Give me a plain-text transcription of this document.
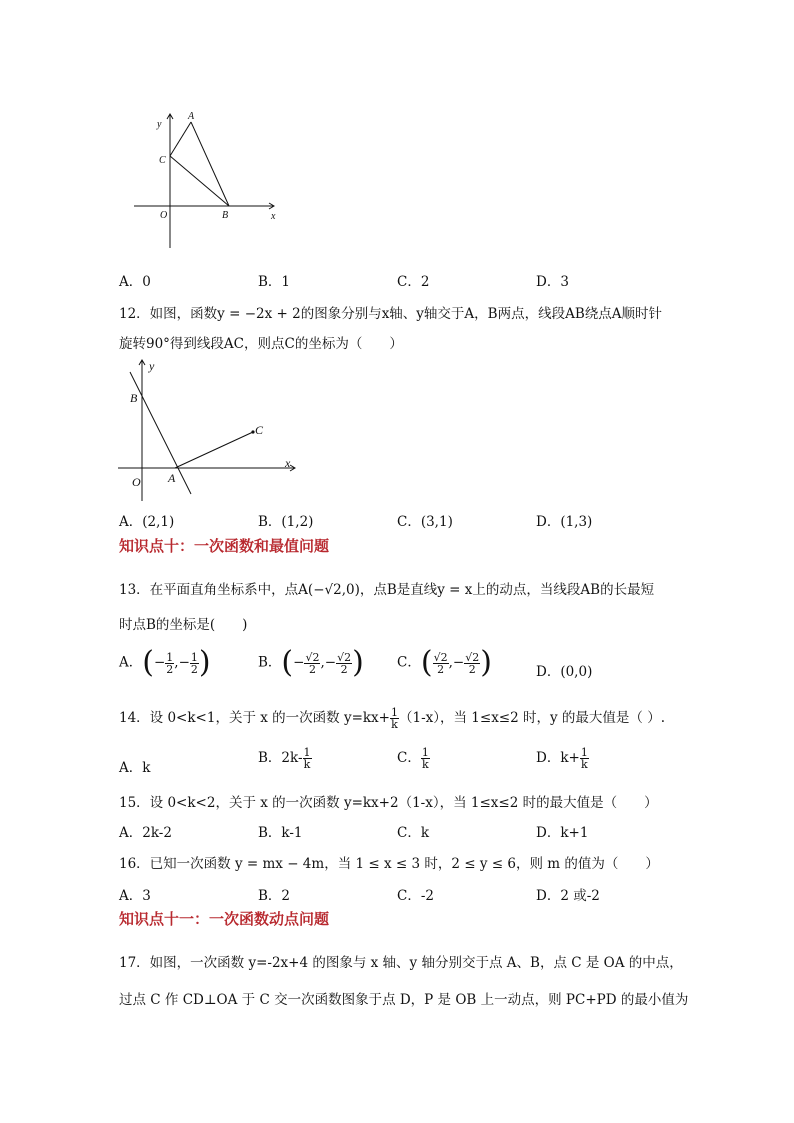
y
A
C
O	B	x
A．0	B．1	C．2	D．3
12．如图，函数y = −2x + 2的图象分别与x轴、y轴交于A，B两点，线段AB绕点A顺时针
旋转90°得到线段AC，则点C的坐标为（　　）
y
B
C
x
O A
A．(2,1)	B．(1,2)	C．(3,1)	D．(1,3)
知识点十：一次函数和最值问题
13．在平面直角坐标系中，点A(−√2,0)，点B是直线y = x上的动点，当线段AB的长最短
时点B的坐标是(　　)
A．(− $\frac{1}{2}$ ,− $\frac{1}{2}$ )	B．(− $\frac{√2}{2}$ ,− $\frac{√2}{2}$ ) C．( $\frac{√2}{2}$ ,− $\frac{√2}{2}$ )	D．(0,0)
14．设 0<k<1，关于 x 的一次函数 $y=kx+ \frac{1}{k} (1-x)$，当 1≤x≤2 时，y 的最大值是（ ）.
A．k
B．$2k- \frac{1}{k}$	C． $\frac{1}{k}$	D．$k+ \frac{1}{k}$
15．设 0<k<2，关于 x 的一次函数 y=kx+2（1-x），当 1≤x≤2 时的最大值是（　　）
A．2k-2	B．k-1	C．k	D．k+1
16．已知一次函数 y = mx − 4m，当 1 ≤ x ≤ 3 时，2 ≤ y ≤ 6，则 m 的值为（　　）
A．3	B．2	C．-2	D．2 或-2
知识点十一：一次函数动点问题
17．如图，一次函数 y=-2x+4 的图象与 x 轴、y 轴分别交于点 A、B，点 C 是 OA 的中点，
过点 C 作 CD⊥OA 于 C 交一次函数图象于点 D，P 是 OB 上一动点，则 PC+PD 的最小值为
